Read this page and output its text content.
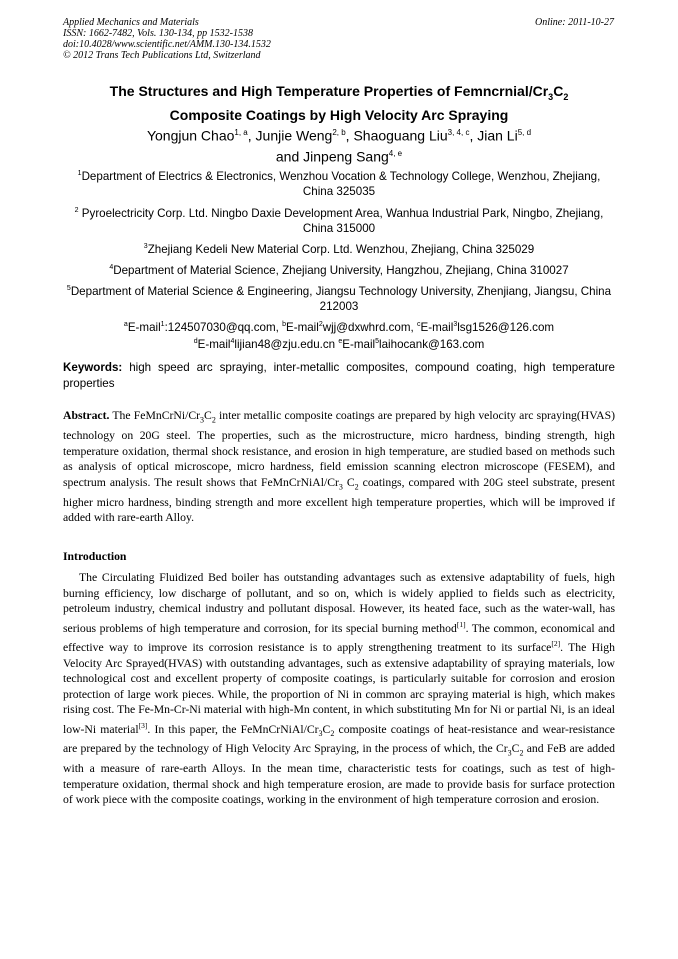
Applied Mechanics and Materials
ISSN: 1662-7482, Vols. 130-134, pp 1532-1538
doi:10.4028/www.scientific.net/AMM.130-134.1532
© 2012 Trans Tech Publications Ltd, Switzerland
Online: 2011-10-27
The Structures and High Temperature Properties of Femncrnial/$Cr_3C_2$
Composite Coatings by High Velocity Arc Spraying
Yongjun Chao$^{1, a}$, Junjie Weng$^{2, b}$, Shaoguang Liu$^{3, 4, c}$, Jian Li$^{5, d}$
and Jinpeng Sang$^{4, e}$
$^1$Department of Electrics & Electronics, Wenzhou Vocation & Technology College, Wenzhou, Zhejiang, China 325035
$^2$ Pyroelectricity Corp. Ltd. Ningbo Daxie Development Area, Wanhua Industrial Park, Ningbo, Zhejiang, China 315000
$^3$Zhejiang Kedeli New Material Corp. Ltd. Wenzhou, Zhejiang, China 325029
$^4$Department of Material Science, Zhejiang University, Hangzhou, Zhejiang, China 310027
$^5$Department of Material Science & Engineering, Jiangsu Technology University, Zhenjiang, Jiangsu, China 212003
$^a$E-mail$^1$:124507030@qq.com, $^b$E-mail$^2$wjj@dxwhrd.com, $^c$E-mail$^3$lsg1526@126.com
$^d$E-mail$^4$lijian48@zju.edu.cn $^e$E-mail$^5$laihocank@163.com
Keywords: high speed arc spraying, inter-metallic composites, compound coating, high temperature properties
Abstract. The FeMnCrNi/$Cr_3C_2$ inter metallic composite coatings are prepared by high velocity arc spraying(HVAS) technology on 20G steel. The properties, such as the microstructure, micro hardness, binding strength, high temperature oxidation, thermal shock resistance, and erosion in high temperature, are studied based on methods such as analysis of optical microscope, micro hardness, field emission scanning electron microscope (FESEM), and spectrum analysis. The result shows that FeMnCrNiAl/$Cr_3$ $C_2$ coatings, compared with 20G steel substrate, present higher micro hardness, binding strength and more excellent high temperature properties, which will be improved if added with rare-earth Alloy.
Introduction
The Circulating Fluidized Bed boiler has outstanding advantages such as extensive adaptability of fuels, high burning efficiency, low discharge of pollutant, and so on, which is widely applied to fields such as electricity, petroleum industry, chemical industry and pollutant disposal. However, its heated face, such as the water-wall, has serious problems of high temperature and corrosion, for its special burning method[1]. The common, economical and effective way to improve its corrosion resistance is to apply strengthening treatment to its surface[2]. The High Velocity Arc Sprayed(HVAS) with outstanding advantages, such as extensive adaptability of spraying materials, low technological cost and excellent property of composite coatings, is particularly suitable for corrosion and erosion protection of large work pieces. While, the proportion of Ni in common arc spraying material is high, which makes rising cost. The Fe-Mn-Cr-Ni material with high-Mn content, in which substituting Mn for Ni or partial Ni, is an ideal low-Ni material[3]. In this paper, the FeMnCrNiAl/$Cr_3C_2$ composite coatings of heat-resistance and wear-resistance are prepared by the technology of High Velocity Arc Spraying, in the process of which, the $Cr_3C_2$ and FeB are added with a measure of rare-earth Alloys. In the mean time, characteristic tests for coatings, such as test of high-temperature oxidation, thermal shock and high temperature erosion, are made to provide basis for surface protection of work piece with the composite coatings, working in the environment of high temperature corrosion and erosion.
